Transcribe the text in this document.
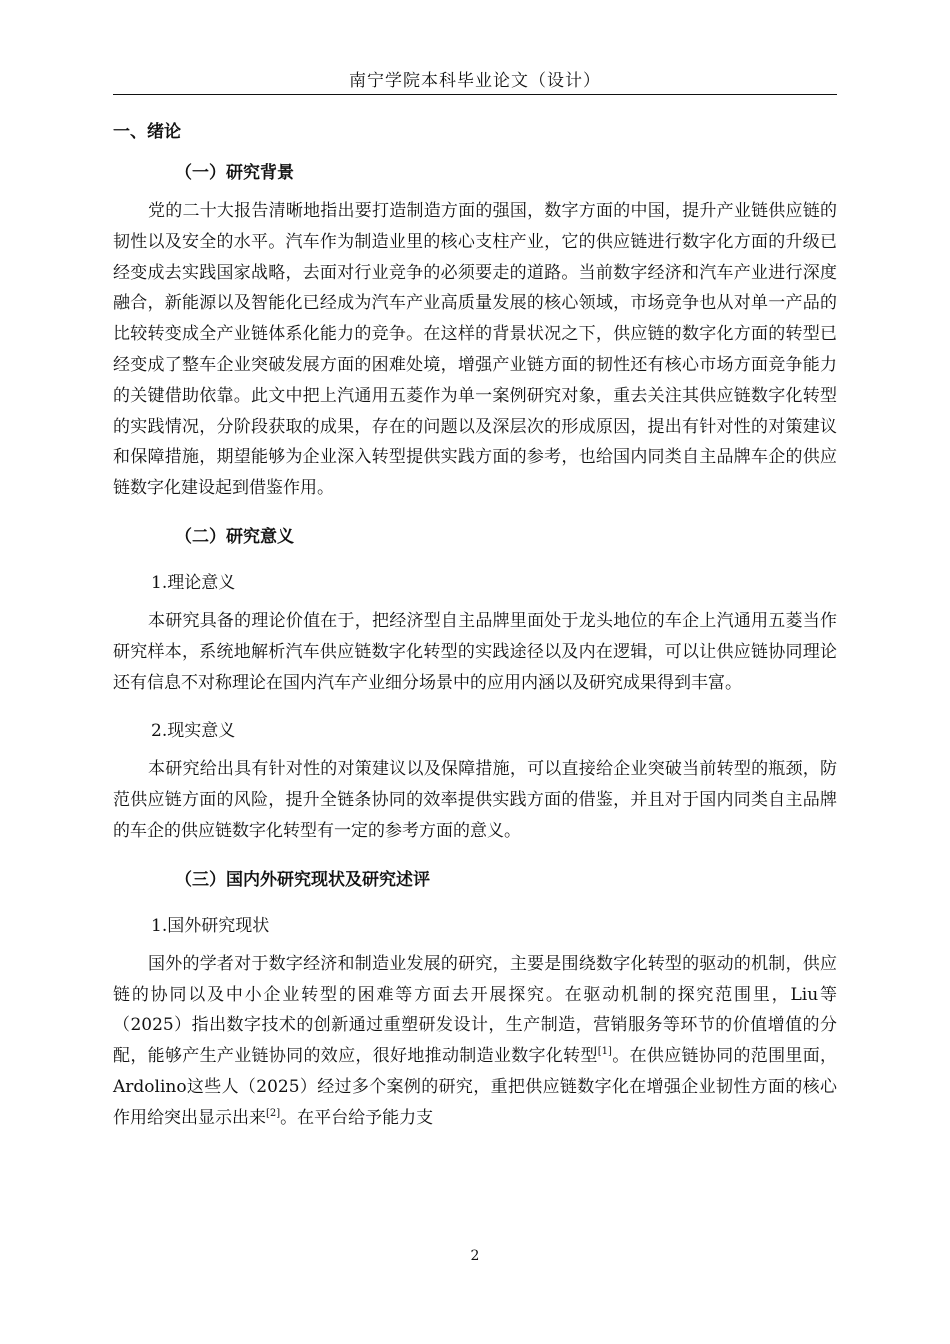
南宁学院本科毕业论文（设计）
一、绪论
（一）研究背景

党的二十大报告清晰地指出要打造制造方面的强国，数字方面的中国，提升产业链供应链的韧性以及安全的水平。汽车作为制造业里的核心支柱产业，它的供应链进行数字化方面的升级已经变成去实践国家战略，去面对行业竞争的必须要走的道路。当前数字经济和汽车产业进行深度融合，新能源以及智能化已经成为汽车产业高质量发展的核心领域，市场竞争也从对单一产品的比较转变成全产业链体系化能力的竞争。在这样的背景状况之下，供应链的数字化方面的转型已经变成了整车企业突破发展方面的困难处境，增强产业链方面的韧性还有核心市场方面竞争能力的关键借助依靠。此文中把上汽通用五菱作为单一案例研究对象，重去关注其供应链数字化转型的实践情况，分阶段获取的成果，存在的问题以及深层次的形成原因，提出有针对性的对策建议和保障措施，期望能够为企业深入转型提供实践方面的参考，也给国内同类自主品牌车企的供应链数字化建设起到借鉴作用。

（二）研究意义
1.理论意义

本研究具备的理论价值在于，把经济型自主品牌里面处于龙头地位的车企上汽通用五菱当作研究样本，系统地解析汽车供应链数字化转型的实践途径以及内在逻辑，可以让供应链协同理论还有信息不对称理论在国内汽车产业细分场景中的应用内涵以及研究成果得到丰富。

2.现实意义

本研究给出具有针对性的对策建议以及保障措施，可以直接给企业突破当前转型的瓶颈，防范供应链方面的风险，提升全链条协同的效率提供实践方面的借鉴，并且对于国内同类自主品牌的车企的供应链数字化转型有一定的参考方面的意义。

（三）国内外研究现状及研究述评
1.国外研究现状

国外的学者对于数字经济和制造业发展的研究，主要是围绕数字化转型的驱动的机制，供应链的协同以及中小企业转型的困难等方面去开展探究。在驱动机制的探究范围里，Liu等（2025）指出数字技术的创新通过重塑研发设计，生产制造，营销服务等环节的价值增值的分配，能够产生产业链协同的效应，很好地推动制造业数字化转型[1]。在供应链协同的范围里面，Ardolino这些人（2025）经过多个案例的研究，重把供应链数字化在增强企业韧性方面的核心作用给突出显示出来[2]。在平台给予能力支

2
